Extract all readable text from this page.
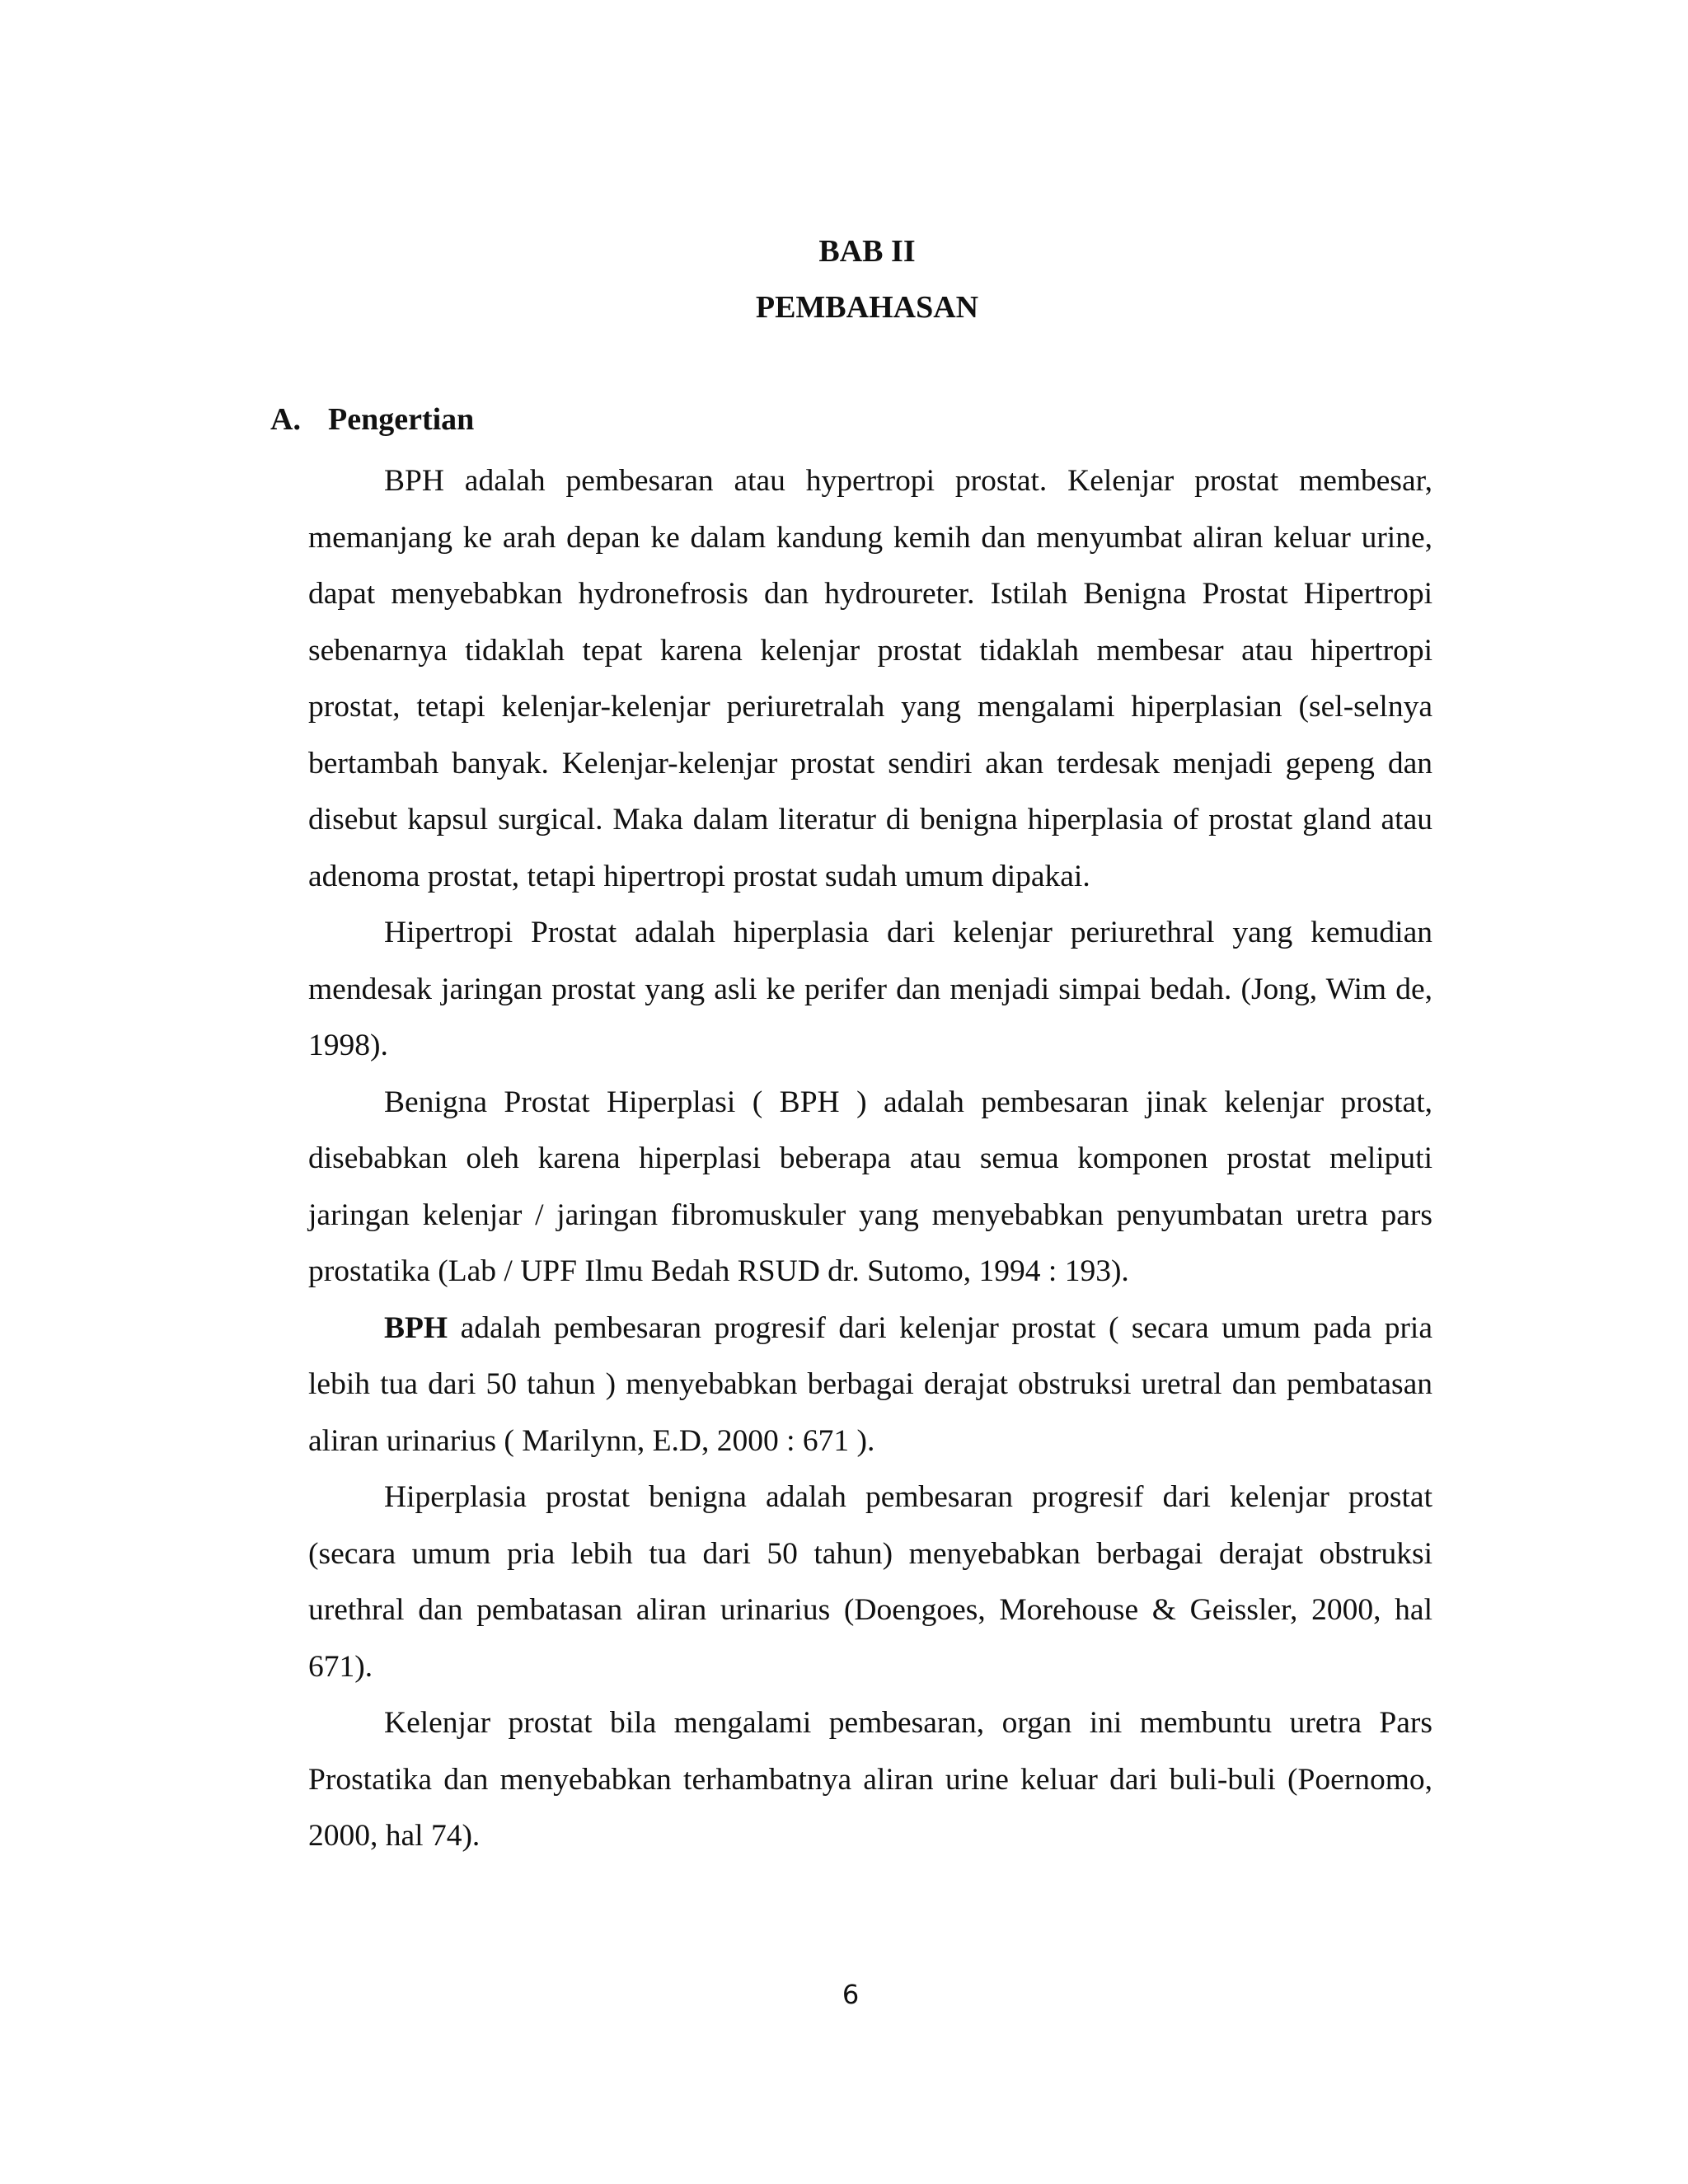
BAB II
PEMBAHASAN
A. Pengertian

BPH adalah pembesaran atau hypertropi prostat. Kelenjar prostat membesar, memanjang ke arah depan ke dalam kandung kemih dan menyumbat aliran keluar urine, dapat menyebabkan hydronefrosis dan hydroureter. Istilah Benigna Prostat Hipertropi sebenarnya tidaklah tepat karena kelenjar prostat tidaklah membesar atau hipertropi prostat, tetapi kelenjar-kelenjar periuretralah yang mengalami hiperplasian (sel-selnya bertambah banyak. Kelenjar-kelenjar prostat sendiri akan terdesak menjadi gepeng dan disebut kapsul surgical. Maka dalam literatur di benigna hiperplasia of prostat gland atau adenoma prostat, tetapi hipertropi prostat sudah umum dipakai.

Hipertropi Prostat adalah hiperplasia dari kelenjar periurethral yang kemudian mendesak jaringan prostat yang asli ke perifer dan menjadi simpai bedah. (Jong, Wim de, 1998).

Benigna Prostat Hiperplasi ( BPH ) adalah pembesaran jinak kelenjar prostat, disebabkan oleh karena hiperplasi beberapa atau semua komponen prostat meliputi jaringan kelenjar / jaringan fibromuskuler yang menyebabkan penyumbatan uretra pars prostatika (Lab / UPF Ilmu Bedah RSUD dr. Sutomo, 1994 : 193).

BPH adalah pembesaran progresif dari kelenjar prostat ( secara umum pada pria lebih tua dari 50 tahun ) menyebabkan berbagai derajat obstruksi uretral dan pembatasan aliran urinarius ( Marilynn, E.D, 2000 : 671 ).

Hiperplasia prostat benigna adalah pembesaran progresif dari kelenjar prostat (secara umum pria lebih tua dari 50 tahun) menyebabkan berbagai derajat obstruksi urethral dan pembatasan aliran urinarius (Doengoes, Morehouse & Geissler, 2000, hal 671).

Kelenjar prostat bila mengalami pembesaran, organ ini membuntu uretra Pars Prostatika dan menyebabkan terhambatnya aliran urine keluar dari buli-buli (Poernomo, 2000, hal 74).

6
